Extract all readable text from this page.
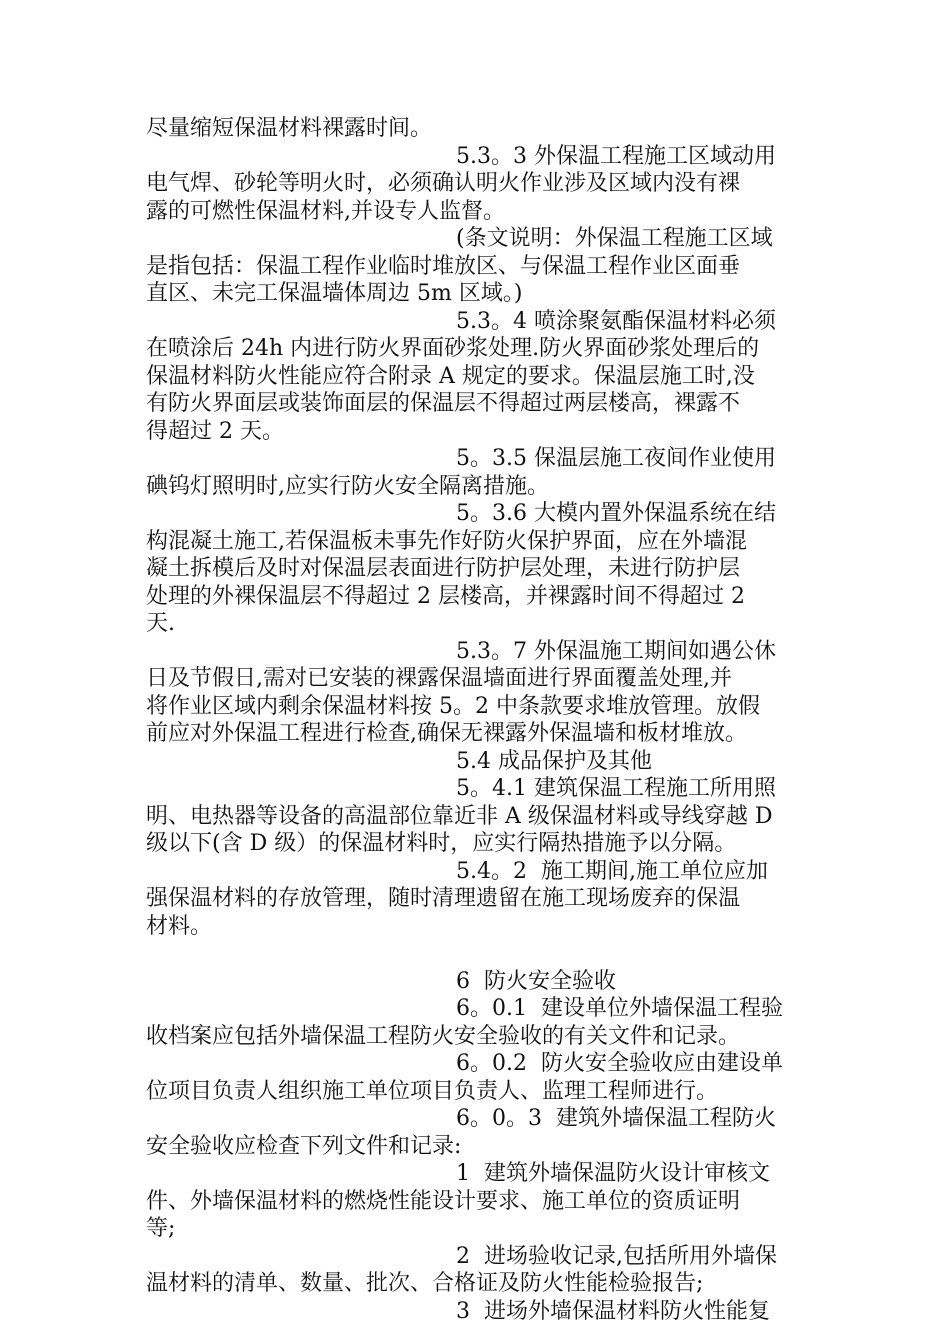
尽量缩短保温材料裸露时间。
5.3。3 外保温工程施工区域动用
电气焊、砂轮等明火时，必须确认明火作业涉及区域内没有裸
露的可燃性保温材料,并设专人监督。
(条文说明：外保温工程施工区域
是指包括：保温工程作业临时堆放区、与保温工程作业区面垂
直区、未完工保温墙体周边 5m 区域。)
5.3。4 喷涂聚氨酯保温材料必须
在喷涂后 24h 内进行防火界面砂浆处理.防火界面砂浆处理后的
保温材料防火性能应符合附录 A 规定的要求。保温层施工时,没
有防火界面层或装饰面层的保温层不得超过两层楼高，裸露不
得超过 2 天。
5。3.5 保温层施工夜间作业使用
碘钨灯照明时,应实行防火安全隔离措施。
5。3.6 大模内置外保温系统在结
构混凝土施工,若保温板未事先作好防火保护界面，应在外墙混
凝土拆模后及时对保温层表面进行防护层处理，未进行防护层
处理的外裸保温层不得超过 2 层楼高，并裸露时间不得超过 2
天.
5.3。7 外保温施工期间如遇公休
日及节假日,需对已安装的裸露保温墙面进行界面覆盖处理,并
将作业区域内剩余保温材料按 5。2 中条款要求堆放管理。放假
前应对外保温工程进行检查,确保无裸露外保温墙和板材堆放。
5.4 成品保护及其他
5。4.1 建筑保温工程施工所用照
明、电热器等设备的高温部位靠近非 A 级保温材料或导线穿越 D
级以下(含 D 级）的保温材料时，应实行隔热措施予以分隔。
5.4。2  施工期间,施工单位应加
强保温材料的存放管理，随时清理遗留在施工现场废弃的保温
材料。
6  防火安全验收
6。0.1  建设单位外墙保温工程验
收档案应包括外墙保温工程防火安全验收的有关文件和记录。
6。0.2  防火安全验收应由建设单
位项目负责人组织施工单位项目负责人、监理工程师进行。
6。0。3  建筑外墙保温工程防火
安全验收应检查下列文件和记录:
1  建筑外墙保温防火设计审核文
件、外墙保温材料的燃烧性能设计要求、施工单位的资质证明
等;
2  进场验收记录,包括所用外墙保
温材料的清单、数量、批次、合格证及防火性能检验报告;
3  进场外墙保温材料防火性能复
